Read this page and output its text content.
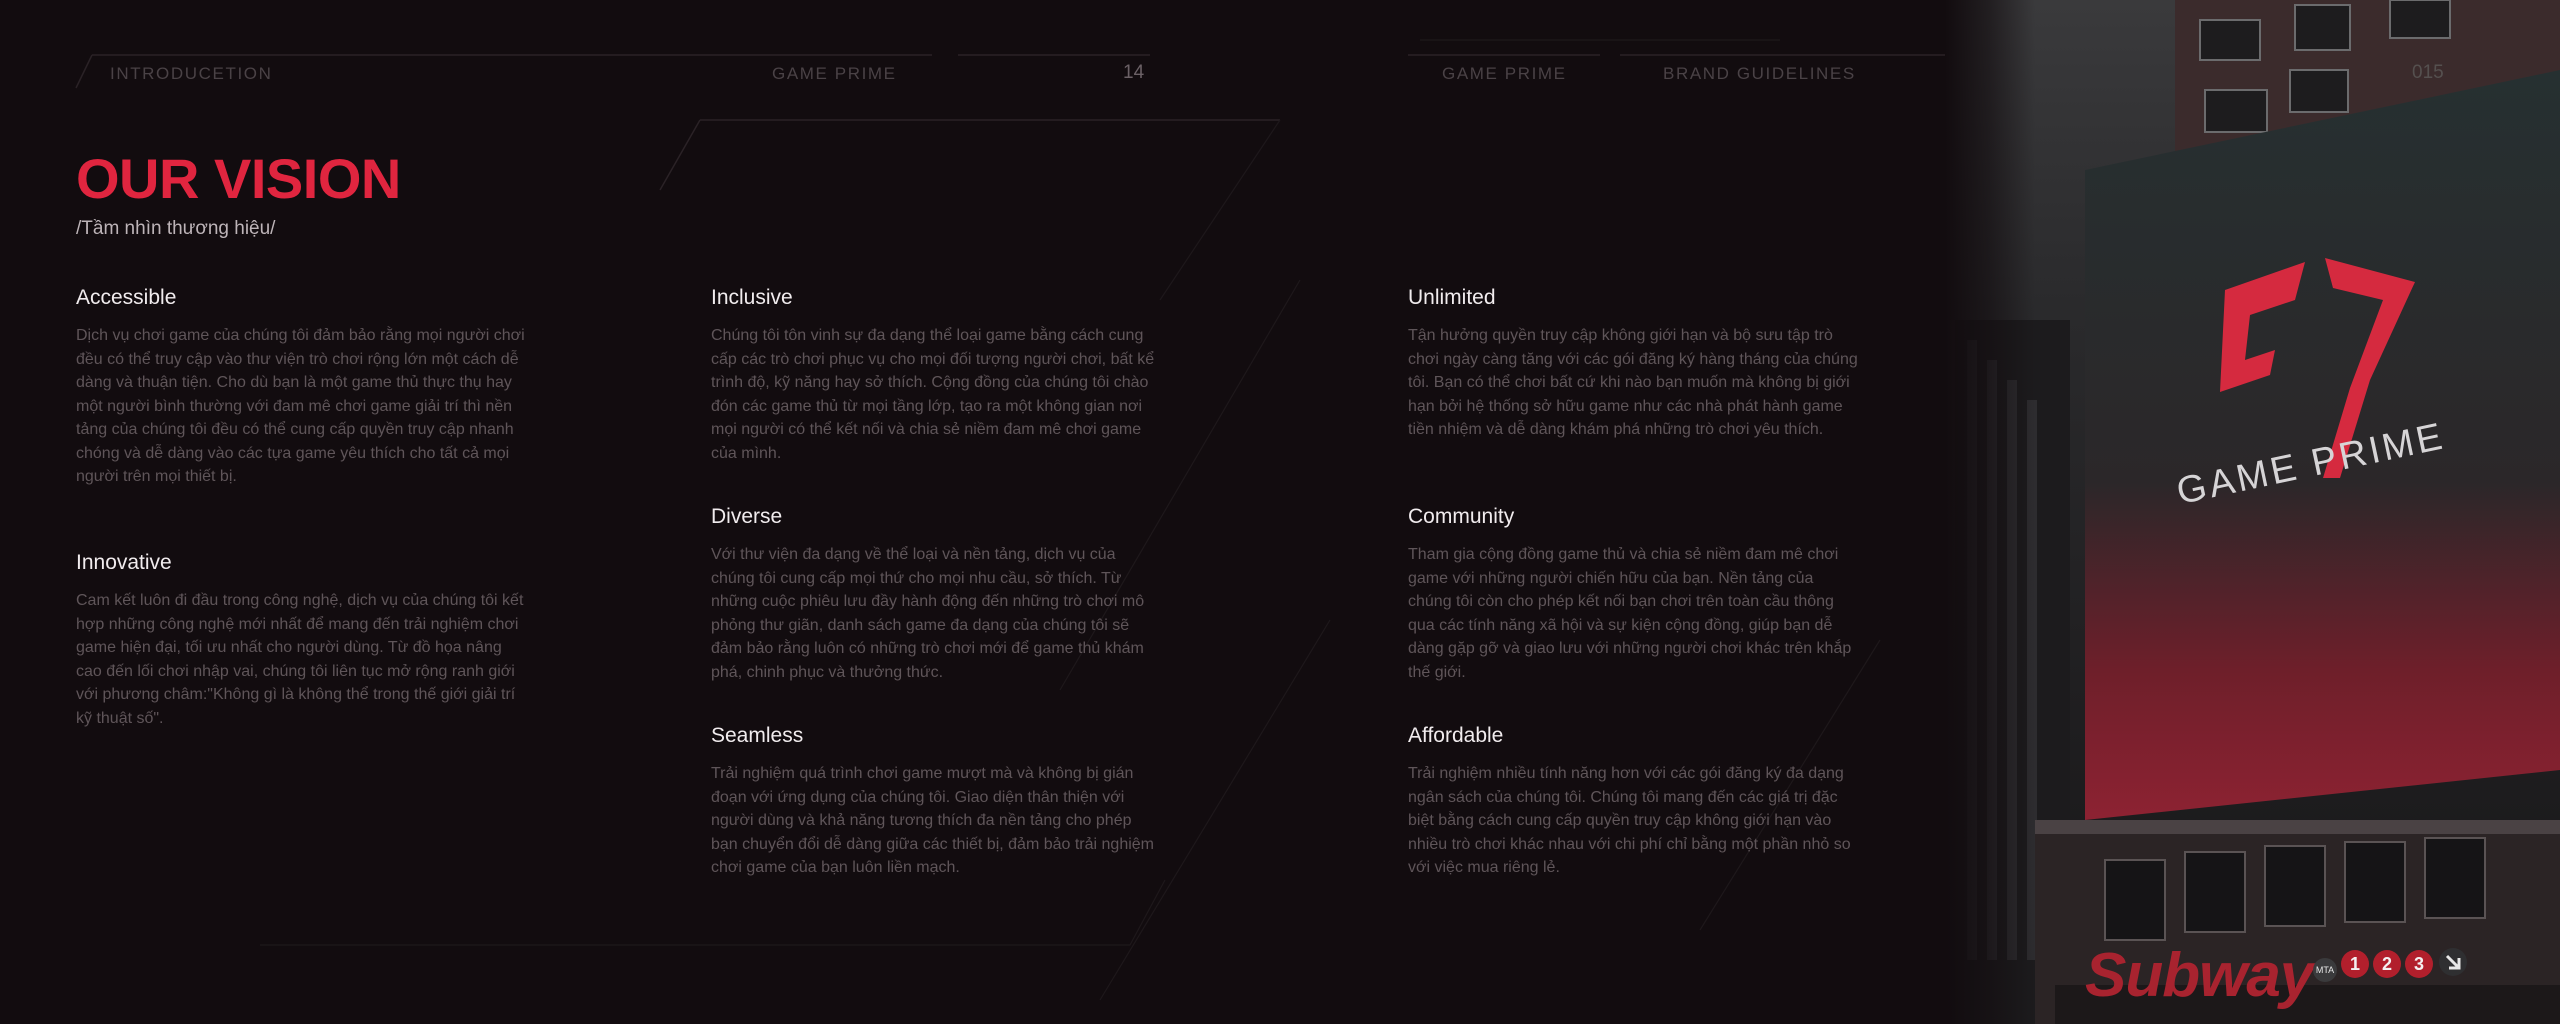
INTRODUCETION	GAME PRIME	14	GAME PRIME	BRAND GUIDELINES
OUR VISION
/Tầm nhìn thương hiệu/
Accessible

Dịch vụ chơi game của chúng tôi đảm bảo rằng mọi người chơi đều có thể truy cập vào thư viện trò chơi rộng lớn một cách dễ dàng và thuận tiện. Cho dù bạn là một game thủ thực thụ hay một người bình thường với đam mê chơi game giải trí thì nền tảng của chúng tôi đều có thể cung cấp quyền truy cập nhanh chóng và dễ dàng vào các tựa game yêu thích cho tất cả mọi người trên mọi thiết bị.

Innovative

Cam kết luôn đi đầu trong công nghệ, dịch vụ của chúng tôi kết hợp những công nghệ mới nhất để mang đến trải nghiệm chơi game hiện đại, tối ưu nhất cho người dùng. Từ đồ họa nâng cao đến lối chơi nhập vai, chúng tôi liên tục mở rộng ranh giới với phương châm:"Không gì là không thể trong thế giới giải trí kỹ thuật số".

Inclusive

Chúng tôi tôn vinh sự đa dạng thể loại game bằng cách cung cấp các trò chơi phục vụ cho mọi đối tượng người chơi, bất kể trình độ, kỹ năng hay sở thích. Cộng đồng của chúng tôi chào đón các game thủ từ mọi tầng lớp, tạo ra một không gian nơi mọi người có thể kết nối và chia sẻ niềm đam mê chơi game của mình.

Diverse

Với thư viện đa dạng về thể loại và nền tảng, dịch vụ của chúng tôi cung cấp mọi thứ cho mọi nhu cầu, sở thích. Từ những cuộc phiêu lưu đầy hành động đến những trò chơi mô phỏng thư giãn, danh sách game đa dạng của chúng tôi sẽ đảm bảo rằng luôn có những trò chơi mới để game thủ khám phá, chinh phục và thưởng thức.

Seamless

Trải nghiệm quá trình chơi game mượt mà và không bị gián đoạn với ứng dụng của chúng tôi. Giao diện thân thiện với người dùng và khả năng tương thích đa nền tảng cho phép bạn chuyển đổi dễ dàng giữa các thiết bị, đảm bảo trải nghiệm chơi game của bạn luôn liền mạch.

Unlimited

Tận hưởng quyền truy cập không giới hạn và bộ sưu tập trò chơi ngày càng tăng với các gói đăng ký hàng tháng của chúng tôi. Bạn có thể chơi bất cứ khi nào bạn muốn mà không bị giới hạn bởi hệ thống sở hữu game như các nhà phát hành game tiền nhiệm và dễ dàng khám phá những trò chơi yêu thích.

Community

Tham gia cộng đồng game thủ và chia sẻ niềm đam mê chơi game với những người chiến hữu của bạn. Nền tảng của chúng tôi còn cho phép kết nối bạn chơi trên toàn cầu thông qua các tính năng xã hội và sự kiện cộng đồng, giúp bạn dễ dàng gặp gỡ và giao lưu với những người chơi khác trên khắp thế giới.

Affordable

Trải nghiệm nhiều tính năng hơn với các gói đăng ký đa dạng ngân sách của chúng tôi. Chúng tôi mang đến các giá trị đặc biệt bằng cách cung cấp quyền truy cập không giới hạn vào nhiều trò chơi khác nhau với chi phí chỉ bằng một phần nhỏ so với việc mua riêng lẻ.

GAME PRIME
Subway MTA 1	2	3
015
